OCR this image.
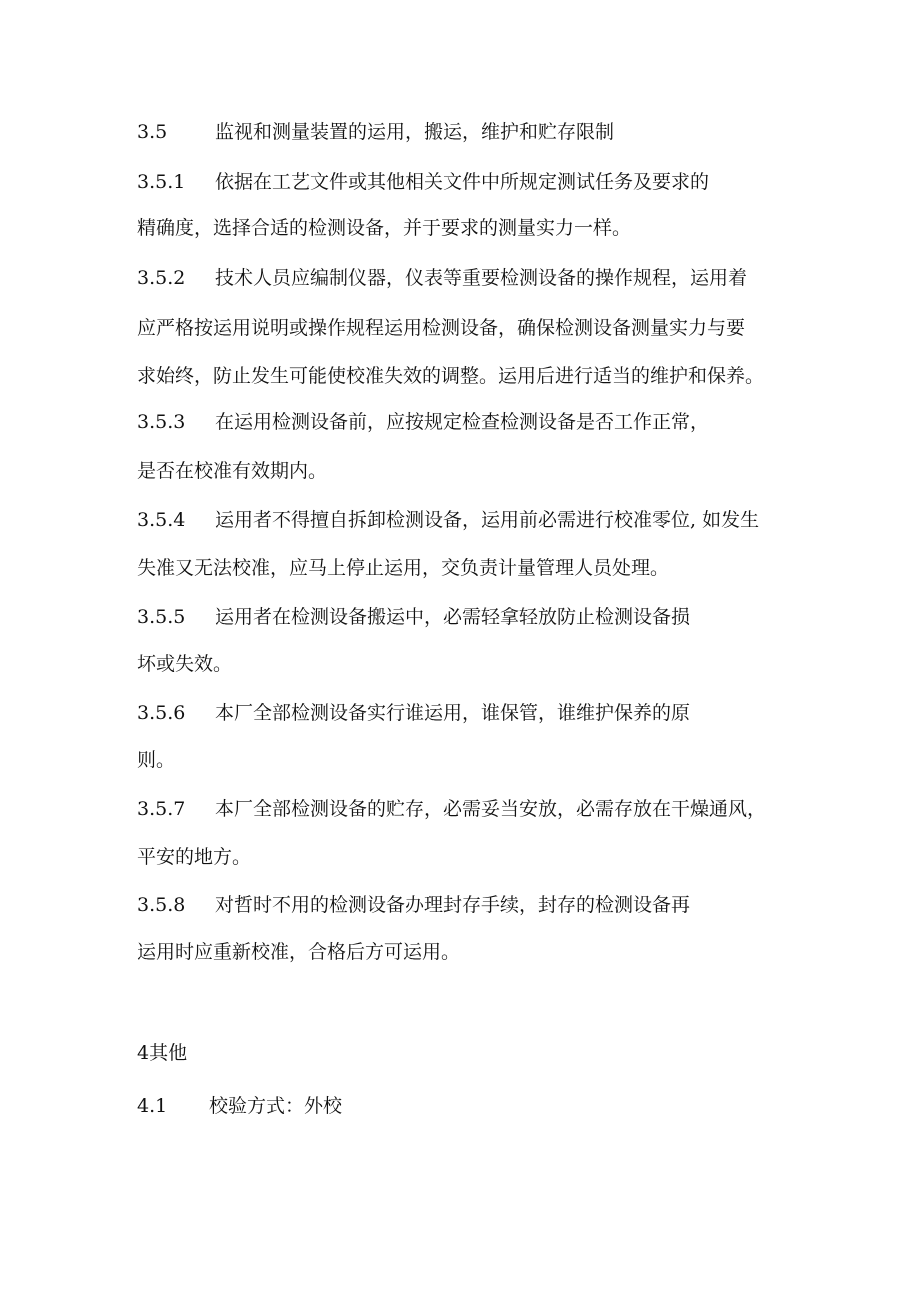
3.5	监视和测量装置的运用，搬运，维护和贮存限制
3.5.1 依据在工艺文件或其他相关文件中所规定测试任务及要求的
精确度，选择合适的检测设备，并于要求的测量实力一样。
3.5.2 技术人员应编制仪器，仪表等重要检测设备的操作规程，运用着
应严格按运用说明或操作规程运用检测设备，确保检测设备测量实力与要
求始终，防止发生可能使校准失效的调整。运用后进行适当的维护和保养。
3.5.3 在运用检测设备前，应按规定检查检测设备是否工作正常，
是否在校准有效期内。
3.5.4 运用者不得擅自拆卸检测设备，运用前必需进行校准零位, 如发生
失准又无法校准，应马上停止运用，交负责计量管理人员处理。
3.5.5 运用者在检测设备搬运中，必需轻拿轻放防止检测设备损
坏或失效。
3.5.6 本厂全部检测设备实行谁运用，谁保管，谁维护保养的原
则。
3.5.7 本厂全部检测设备的贮存，必需妥当安放，必需存放在干燥通风，
平安的地方。
3.5.8 对哲时不用的检测设备办理封存手续，封存的检测设备再
运用时应重新校准，合格后方可运用。
4其他
4.1 校验方式：外校
